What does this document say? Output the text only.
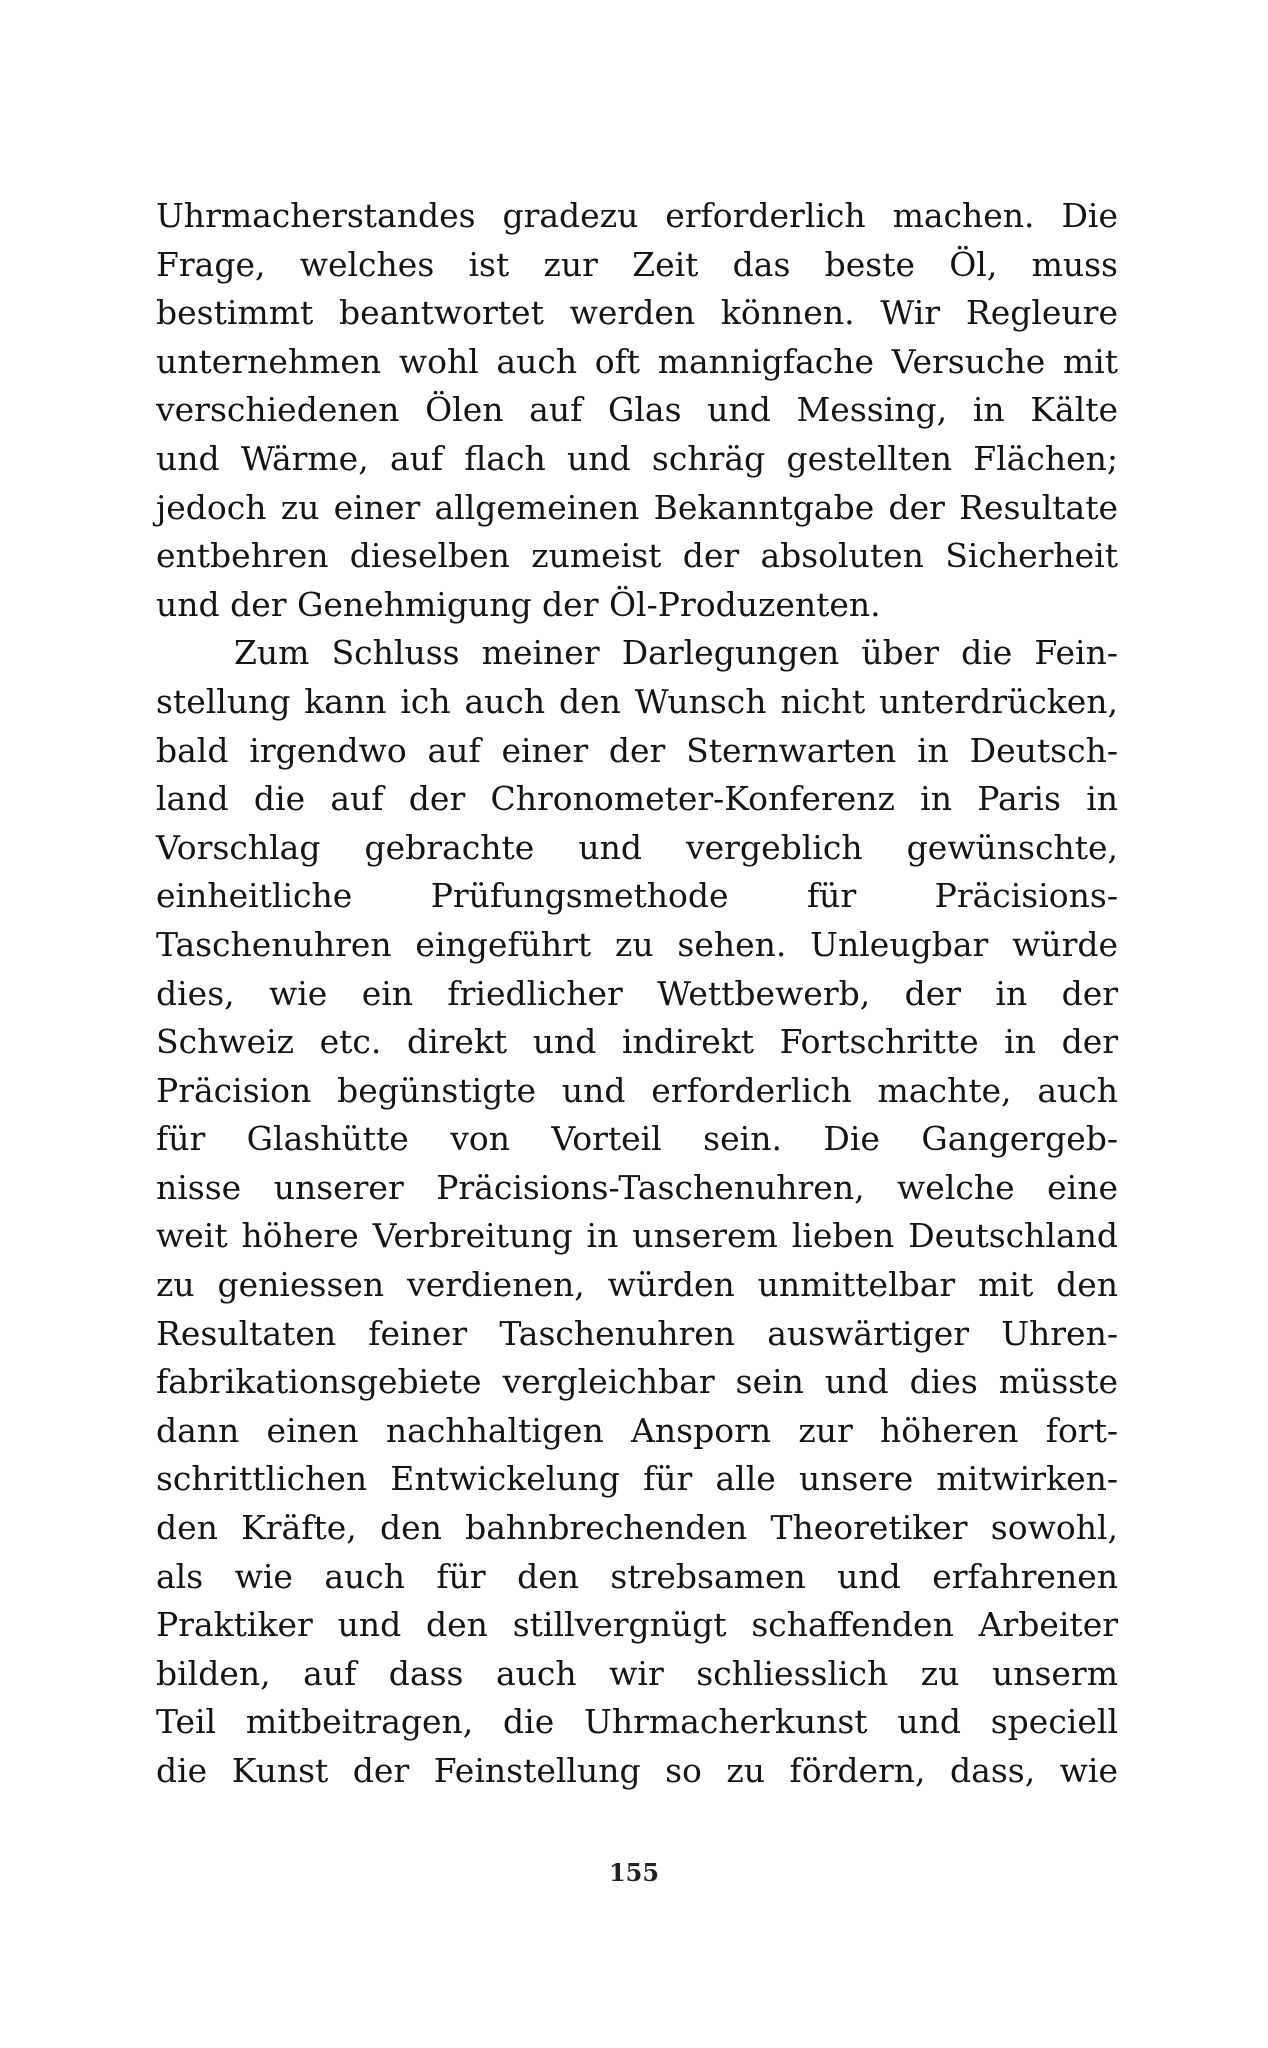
Uhrmacherstandes gradezu erforderlich machen. Die
Frage, welches ist zur Zeit das beste Öl, muss
bestimmt beantwortet werden können. Wir Regleure
unternehmen wohl auch oft mannigfache Versuche mit
verschiedenen Ölen auf Glas und Messing, in Kälte
und Wärme, auf flach und schräg gestellten Flächen;
jedoch zu einer allgemeinen Bekanntgabe der Resultate
entbehren dieselben zumeist der absoluten Sicherheit
und der Genehmigung der Öl-Produzenten.
Zum Schluss meiner Darlegungen über die Fein-
stellung kann ich auch den Wunsch nicht unterdrücken,
bald irgendwo auf einer der Sternwarten in Deutsch-
land die auf der Chronometer-Konferenz in Paris in
Vorschlag gebrachte und vergeblich gewünschte,
einheitliche Prüfungsmethode für Präcisions-
Taschenuhren eingeführt zu sehen. Unleugbar würde
dies, wie ein friedlicher Wettbewerb, der in der
Schweiz etc. direkt und indirekt Fortschritte in der
Präcision begünstigte und erforderlich machte, auch
für Glashütte von Vorteil sein. Die Gangergeb-
nisse unserer Präcisions-Taschenuhren, welche eine
weit höhere Verbreitung in unserem lieben Deutschland
zu geniessen verdienen, würden unmittelbar mit den
Resultaten feiner Taschenuhren auswärtiger Uhren-
fabrikationsgebiete vergleichbar sein und dies müsste
dann einen nachhaltigen Ansporn zur höheren fort-
schrittlichen Entwickelung für alle unsere mitwirken-
den Kräfte, den bahnbrechenden Theoretiker sowohl,
als wie auch für den strebsamen und erfahrenen
Praktiker und den stillvergnügt schaffenden Arbeiter
bilden, auf dass auch wir schliesslich zu unserm
Teil mitbeitragen, die Uhrmacherkunst und speciell
die Kunst der Feinstellung so zu fördern, dass, wie
155
